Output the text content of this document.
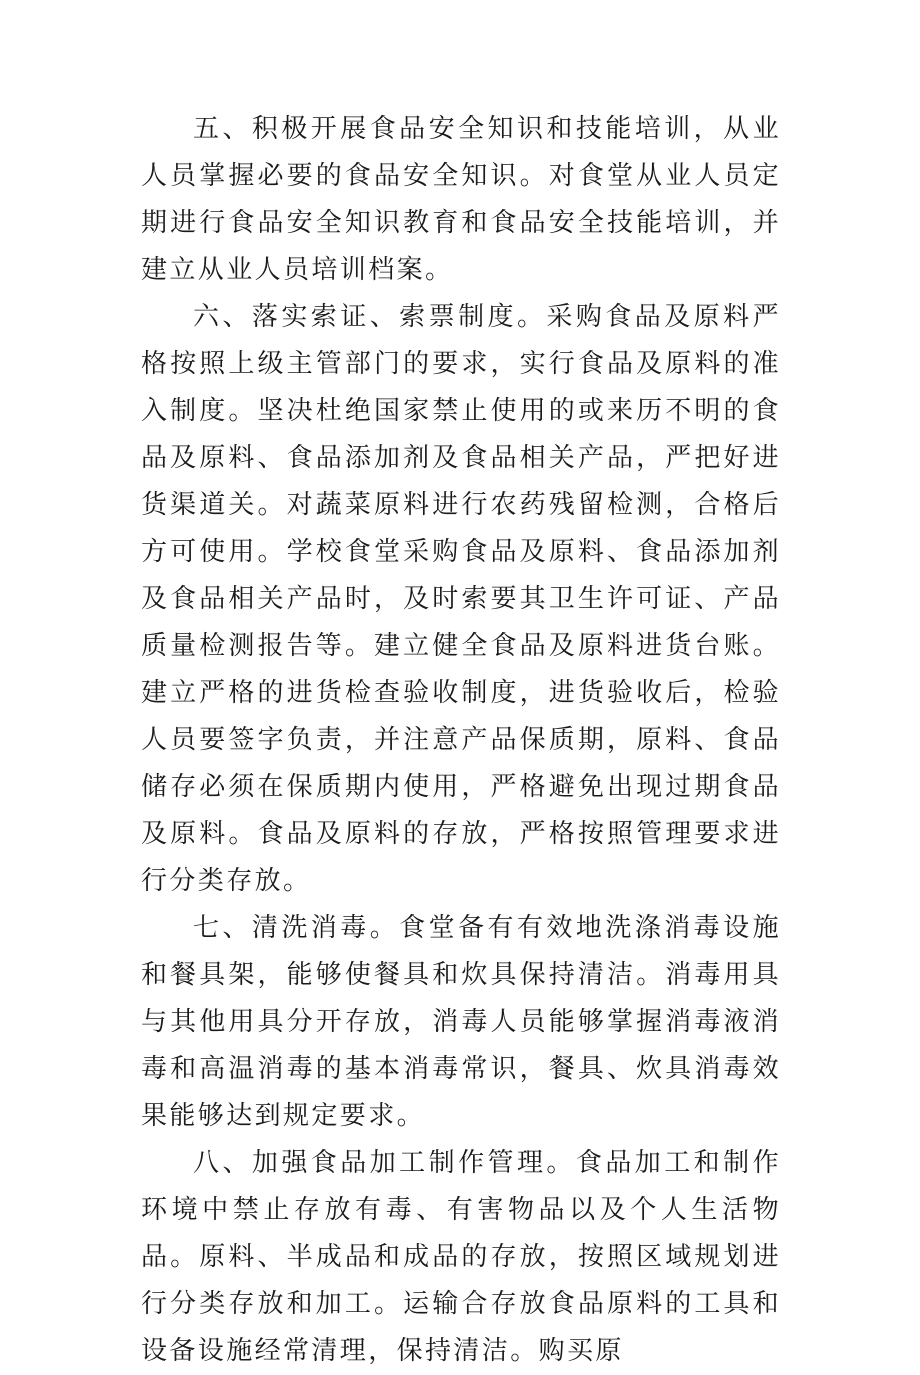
五、积极开展食品安全知识和技能培训，从业人员掌握必要的食品安全知识。对食堂从业人员定期进行食品安全知识教育和食品安全技能培训，并建立从业人员培训档案。

六、落实索证、索票制度。采购食品及原料严格按照上级主管部门的要求，实行食品及原料的准入制度。坚决杜绝国家禁止使用的或来历不明的食品及原料、食品添加剂及食品相关产品，严把好进货渠道关。对蔬菜原料进行农药残留检测，合格后方可使用。学校食堂采购食品及原料、食品添加剂及食品相关产品时，及时索要其卫生许可证、产品质量检测报告等。建立健全食品及原料进货台账。建立严格的进货检查验收制度，进货验收后，检验人员要签字负责，并注意产品保质期，原料、食品储存必须在保质期内使用，严格避免出现过期食品及原料。食品及原料的存放，严格按照管理要求进行分类存放。

七、清洗消毒。食堂备有有效地洗涤消毒设施和餐具架，能够使餐具和炊具保持清洁。消毒用具与其他用具分开存放，消毒人员能够掌握消毒液消毒和高温消毒的基本消毒常识，餐具、炊具消毒效果能够达到规定要求。

八、加强食品加工制作管理。食品加工和制作环境中禁止存放有毒、有害物品以及个人生活物品。原料、半成品和成品的存放，按照区域规划进行分类存放和加工。运输合存放食品原料的工具和设备设施经常清理，保持清洁。购买原
